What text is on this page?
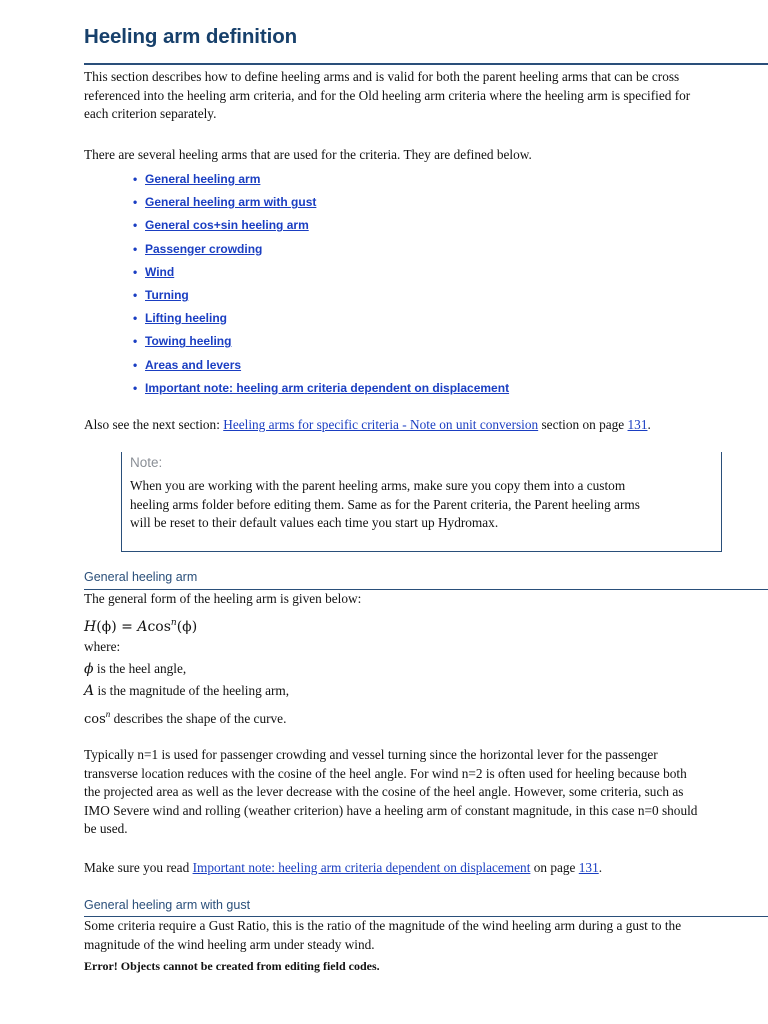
Heeling arm definition
This section describes how to define heeling arms and is valid for both the parent heeling arms that can be cross
referenced into the heeling arm criteria, and for the Old heeling arm criteria where the heeling arm is specified for
each criterion separately.
There are several heeling arms that are used for the criteria. They are defined below.
• General heeling arm
• General heeling arm with gust
• General cos+sin heeling arm
• Passenger crowding
• Wind
• Turning
• Lifting heeling
• Towing heeling
• Areas and levers
• Important note: heeling arm criteria dependent on displacement
Also see the next section: Heeling arms for specific criteria - Note on unit conversion section on page 131.
Note:
When you are working with the parent heeling arms, make sure you copy them into a custom
heeling arms folder before editing them. Same as for the Parent criteria, the Parent heeling arms
will be reset to their default values each time you start up Hydromax.
General heeling arm
The general form of the heeling arm is given below:
H(ϕ) = Acos$^n$(ϕ)
where:
ϕ is the heel angle,
A is the magnitude of the heeling arm,
$\cos^n$ describes the shape of the curve.
Typically n=1 is used for passenger crowding and vessel turning since the horizontal lever for the passenger
transverse location reduces with the cosine of the heel angle. For wind n=2 is often used for heeling because both
the projected area as well as the lever decrease with the cosine of the heel angle. However, some criteria, such as
IMO Severe wind and rolling (weather criterion) have a heeling arm of constant magnitude, in this case n=0 should
be used.
Make sure you read Important note: heeling arm criteria dependent on displacement on page 131.
General heeling arm with gust
Some criteria require a Gust Ratio, this is the ratio of the magnitude of the wind heeling arm during a gust to the
magnitude of the wind heeling arm under steady wind.
Error! Objects cannot be created from editing field codes.
